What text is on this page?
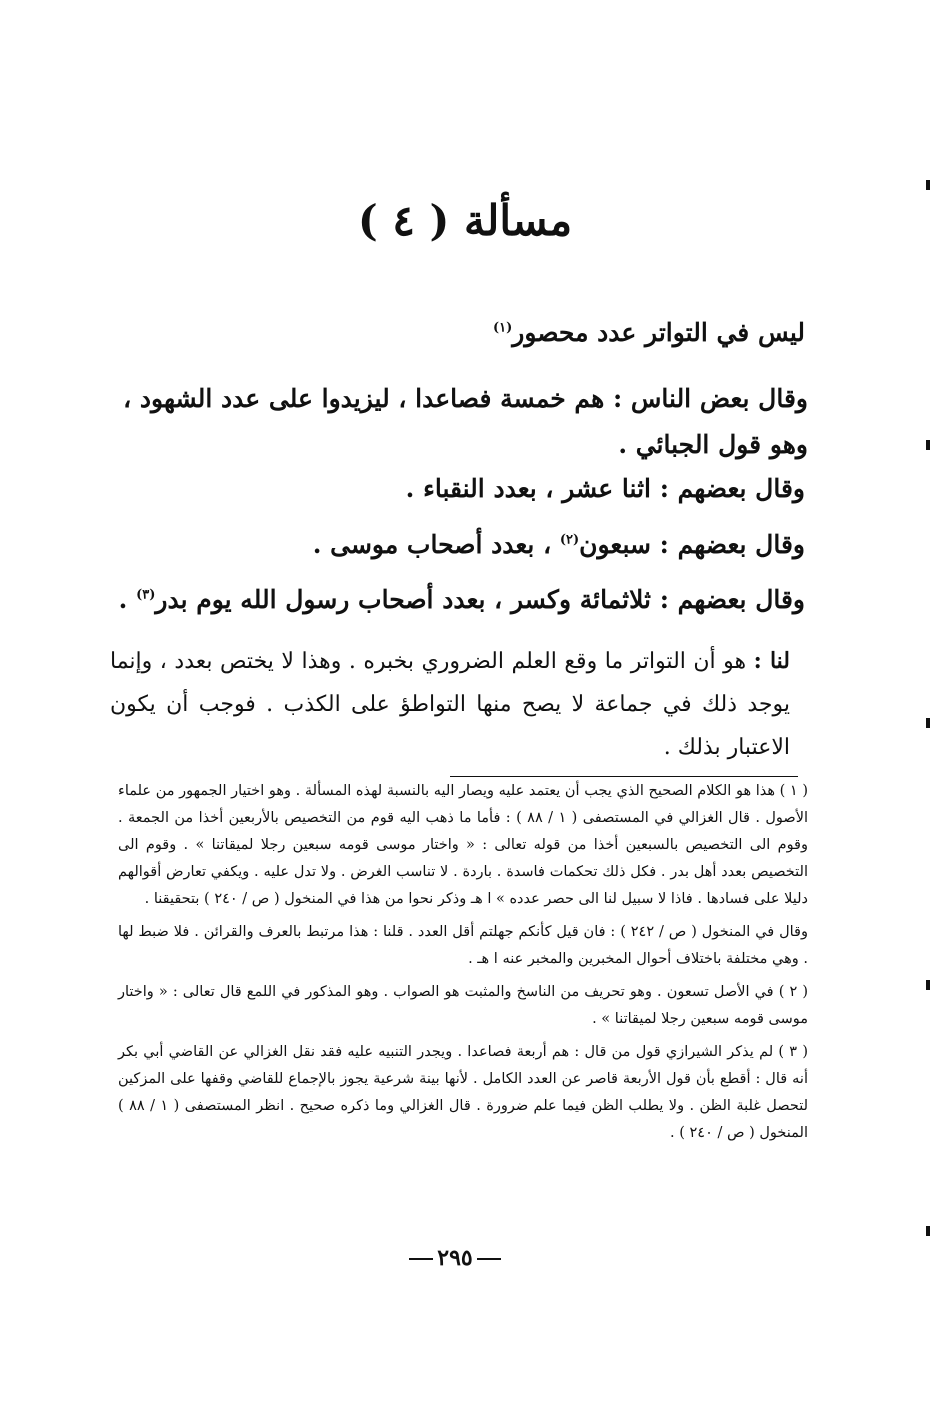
مسألة ( ٤ )

ليس في التواتر عدد محصور$^{(١)}$

وقال بعض الناس : هم خمسة فصاعدا ، ليزيدوا على عدد الشهود ، وهو قول الجبائي .

وقال بعضهم : اثنا عشر ، بعدد النقباء .

وقال بعضهم : سبعون$^{(٢)}$ ، بعدد أصحاب موسى .

وقال بعضهم : ثلاثمائة وكسر ، بعدد أصحاب رسول الله يوم بدر$^{(٣)}$ .

لنا : هو أن التواتر ما وقع العلم الضروري بخبره . وهذا لا يختص بعدد ، وإنما يوجد ذلك في جماعة لا يصح منها التواطؤ على الكذب . فوجب أن يكون الاعتبار بذلك .

( ١ ) هذا هو الكلام الصحيح الذي يجب أن يعتمد عليه ويصار اليه بالنسبة لهذه المسألة . وهو اختيار الجمهور من علماء الأصول . قال الغزالي في المستصفى ( ١ / ٨٨ ) : فأما ما ذهب اليه قوم من التخصيص بالأربعين أخذا من الجمعة . وقوم الى التخصيص بالسبعين أخذا من قوله تعالى : « واختار موسى قومه سبعين رجلا لميقاتنا » . وقوم الى التخصيص بعدد أهل بدر . فكل ذلك تحكمات فاسدة . باردة . لا تناسب الغرض . ولا تدل عليه . ويكفي تعارض أقوالهم دليلا على فسادها . فاذا لا سبيل لنا الى حصر عدده » ا هـ وذكر نحوا من هذا في المنخول ( ص / ٢٤٠ ) بتحقيقنا .

وقال في المنخول ( ص / ٢٤٢ ) : فان قيل كأنكم جهلتم أقل العدد . قلنا : هذا مرتبط بالعرف والقرائن . فلا ضبط لها . وهي مختلفة باختلاف أحوال المخبرين والمخبر عنه ا هـ .

( ٢ ) في الأصل تسعون . وهو تحريف من الناسخ والمثبت هو الصواب . وهو المذكور في اللمع قال تعالى : « واختار موسى قومه سبعين رجلا لميقاتنا » .

( ٣ ) لم يذكر الشيرازي قول من قال : هم أربعة فصاعدا . ويجدر التنبيه عليه فقد نقل الغزالي عن القاضي أبي بكر أنه قال : أقطع بأن قول الأربعة قاصر عن العدد الكامل . لأنها بينة شرعية يجوز بالإجماع للقاضي وقفها على المزكين لتحصل غلبة الظن . ولا يطلب الظن فيما علم ضرورة . قال الغزالي وما ذكره صحيح . انظر المستصفى ( ١ / ٨٨ ) المنخول ( ص / ٢٤٠ ) .

٢٩٥
